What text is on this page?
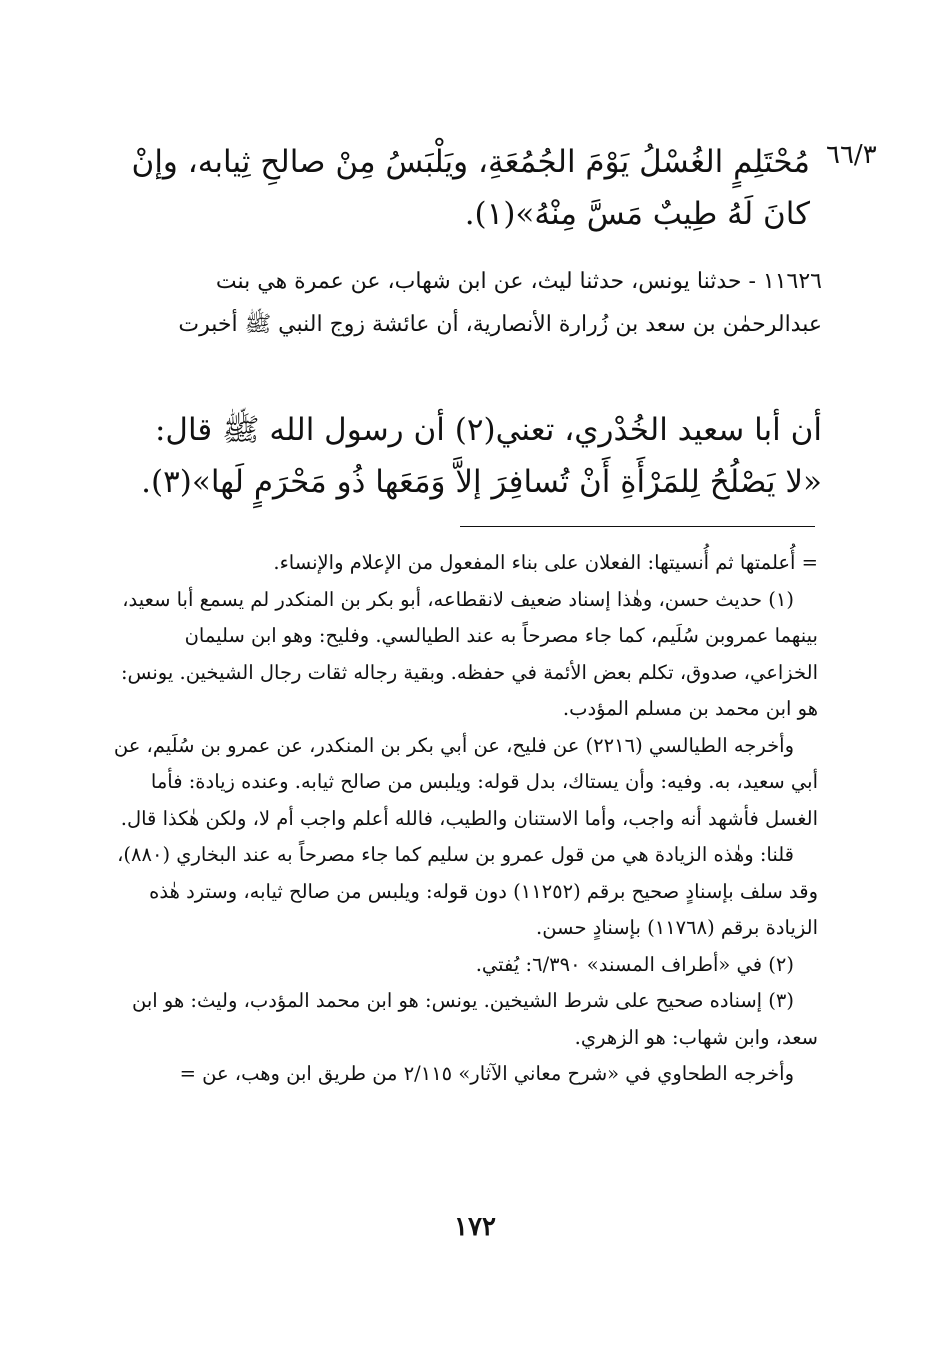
٦٦/٣
مُحْتَلِمٍ الغُسْلُ يَوْمَ الجُمُعَةِ، ويَلْبَسُ مِنْ صالحِ ثِيابه، وإنْ كانَ لَهُ طِيبٌ مَسَّ مِنْهُ»(١).
١١٦٢٦ - حدثنا يونس، حدثنا ليث، عن ابن شهاب، عن عمرة هي بنت عبدالرحمٰن بن سعد بن زُرارة الأنصارية، أن عائشة زوج النبي ﷺ أخبرت
أن أبا سعيد الخُدْري، تعني(٢) أن رسول الله ﷺ قال: «لا يَصْلُحُ لِلمَرْأَةِ أَنْ تُسافِرَ إلاَّ وَمَعَها ذُو مَحْرَمٍ لَها»(٣).

= أُعلمتها ثم أُنسيتها: الفعلان على بناء المفعول من الإعلام والإنساء.

(١) حديث حسن، وهٰذا إسناد ضعيف لانقطاعه، أبو بكر بن المنكدر لم يسمع أبا سعيد، بينهما عمروبن سُلَيم، كما جاء مصرحاً به عند الطيالسي. وفليح: وهو ابن سليمان الخزاعي، صدوق، تكلم بعض الأئمة في حفظه. وبقية رجاله ثقات رجال الشيخين. يونس: هو ابن محمد بن مسلم المؤدب.

وأخرجه الطيالسي (٢٢١٦) عن فليح، عن أبي بكر بن المنكدر، عن عمرو بن سُلَيم، عن أبي سعيد، به. وفيه: وأن يستاك، بدل قوله: ويلبس من صالح ثيابه. وعنده زيادة: فأما الغسل فأشهد أنه واجب، وأما الاستنان والطيب، فالله أعلم واجب أم لا، ولكن هٰكذا قال.

قلنا: وهٰذه الزيادة هي من قول عمرو بن سليم كما جاء مصرحاً به عند البخاري (٨٨٠)، وقد سلف بإسنادٍ صحيح برقم (١١٢٥٢) دون قوله: ويلبس من صالح ثيابه، وسترد هٰذه الزيادة برقم (١١٧٦٨) بإسنادٍ حسن.

(٢) في «أطراف المسند» ٦/٣٩٠: يُفتي.

(٣) إسناده صحيح على شرط الشيخين. يونس: هو ابن محمد المؤدب، وليث: هو ابن سعد، وابن شهاب: هو الزهري.

وأخرجه الطحاوي في «شرح معاني الآثار» ٢/١١٥ من طريق ابن وهب، عن =

١٧٢
